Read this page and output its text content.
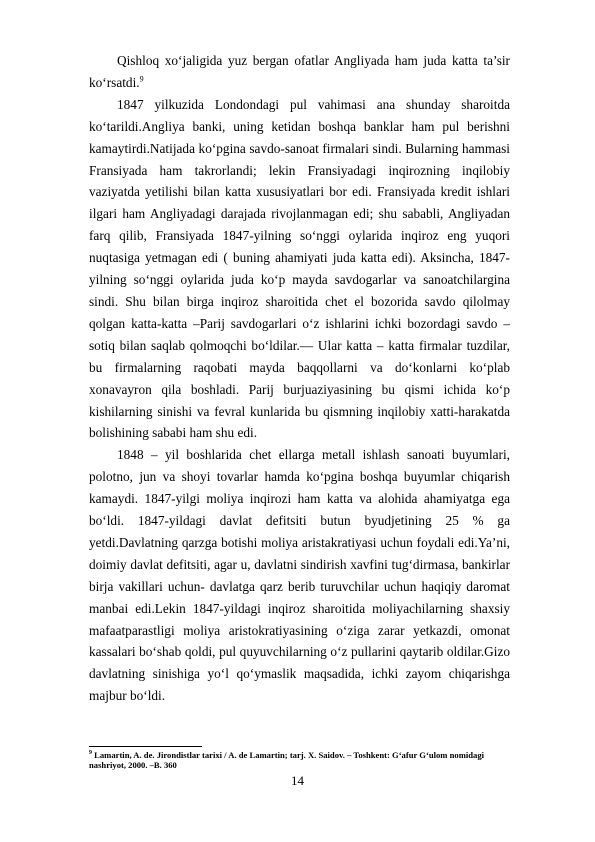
Qishloq xo‘jaligida yuz bergan ofatlar Angliyada ham juda katta ta’sir ko‘rsatdi.$^9$

1847 yilkuzida Londondagi pul vahimasi ana shunday sharoitda ko‘tarildi.Angliya banki, uning ketidan boshqa banklar ham pul berishni kamaytirdi.Natijada ko‘pgina savdo-sanoat firmalari sindi. Bularning hammasi Fransiyada ham takrorlandi; lekin Fransiyadagi inqirozning inqilobiy vaziyatda yetilishi bilan katta xususiyatlari bor edi. Fransiyada kredit ishlari ilgari ham Angliyadagi darajada rivojlanmagan edi; shu sababli, Angliyadan farq qilib, Fransiyada 1847-yilning so‘nggi oylarida inqiroz eng yuqori nuqtasiga yetmagan edi ( buning ahamiyati juda katta edi). Aksincha, 1847-yilning so‘nggi oylarida juda ko‘p mayda savdogarlar va sanoatchilargina sindi. Shu bilan birga inqiroz sharoitida chet el bozorida savdo qilolmay qolgan katta-katta –Parij savdogarlari o‘z ishlarini ichki bozordagi savdo –sotiq bilan saqlab qolmoqchi bo‘ldilar.— Ular katta – katta firmalar tuzdilar, bu firmalarning raqobati mayda baqqollarni va do‘konlarni ko‘plab xonavayron qila boshladi. Parij burjuaziyasining bu qismi ichida ko‘p kishilarning sinishi va fevral kunlarida bu qismning inqilobiy xatti-harakatda bolishining sababi ham shu edi.

1848 – yil boshlarida chet ellarga metall ishlash sanoati buyumlari, polotno, jun va shoyi tovarlar hamda ko‘pgina boshqa buyumlar chiqarish kamaydi. 1847-yilgi moliya inqirozi ham katta va alohida ahamiyatga ega bo‘ldi. 1847-yildagi davlat defitsiti butun byudjetining 25 % ga yetdi.Davlatning qarzga botishi moliya aristakratiyasi uchun foydali edi.Ya’ni, doimiy davlat defitsiti, agar u, davlatni sindirish xavfini tug‘dirmasa, bankirlar birja vakillari uchun- davlatga qarz berib turuvchilar uchun haqiqiy daromat manbai edi.Lekin 1847-yildagi inqiroz sharoitida moliyachilarning shaxsiy mafaatparastligi moliya aristokratiyasining o‘ziga zarar yetkazdi, omonat kassalari bo‘shab qoldi, pul quyuvchilarning o‘z pullarini qaytarib oldilar.Gizo davlatning sinishiga yo‘l qo‘ymaslik maqsadida, ichki zayom chiqarishga majbur bo‘ldi.

$^9$ Lamartin, A. de. Jirondistlar tarixi / A. de Lamartin; tarj. X. Saidov. – Toshkent: G‘afur G‘ulom nomidagi nashriyot, 2000. –B. 360
14
